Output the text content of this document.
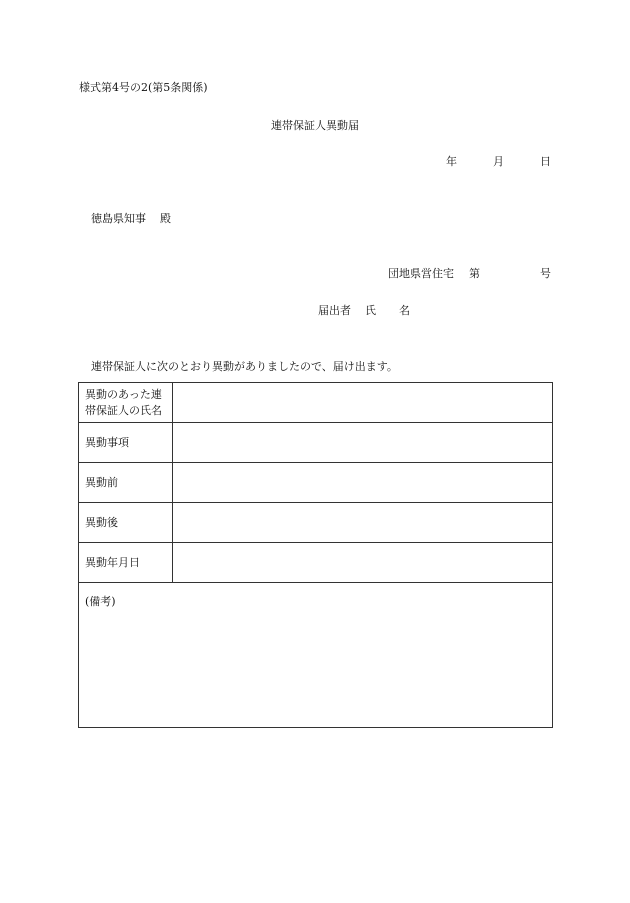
様式第4号の2(第5条関係)
連帯保証人異動届
年	月	日
徳島県知事 殿
団地県営住宅 第	号
届出者 氏 名
連帯保証人に次のとおり異動がありましたので、届け出ます。
異動のあった連
帯保証人の氏名	

異動事項	
異動前	
異動後	
異動年月日	
(備考)	
